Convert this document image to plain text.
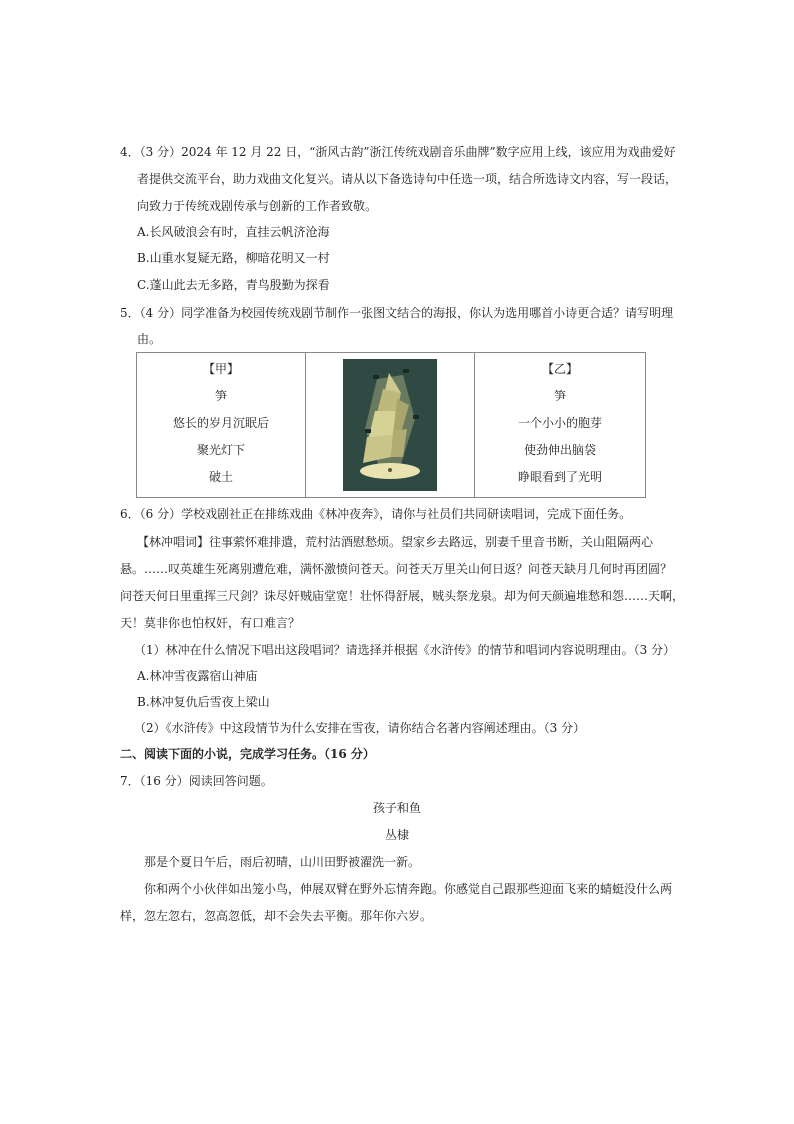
4．（3 分）2024 年 12 月 22 日，“浙风古韵”浙江传统戏剧音乐曲牌”数字应用上线，该应用为戏曲爱好
者提供交流平台，助力戏曲文化复兴。请从以下备选诗句中任选一项，结合所选诗文内容，写一段话，
向致力于传统戏剧传承与创新的工作者致敬。
A.长风破浪会有时，直挂云帆济沧海
B.山重水复疑无路，柳暗花明又一村
C.蓬山此去无多路，青鸟殷勤为探看
5．（4 分）同学准备为校园传统戏剧节制作一张图文结合的海报，你认为选用哪首小诗更合适？请写明理
由。
【甲】
笋
悠长的岁月沉眠后
聚光灯下
破土

【乙】
笋
一个小小的胞芽
使劲伸出脑袋
睁眼看到了光明
6．（6 分）学校戏剧社正在排练戏曲《林冲夜奔》，请你与社员们共同研读唱词，完成下面任务。
【林冲唱词】往事萦怀难排遣，荒村沽酒慰愁烦。望家乡去路远，别妻千里音书断，关山阻隔两心
悬。……叹英雄生死离别遭危难，满怀激愤问苍天。问苍天万里关山何日返？问苍天缺月几何时再团圆？
问苍天何日里重挥三尺剑？诛尽奸贼庙堂宽！壮怀得舒展，贼头祭龙泉。却为何天颜遍堆愁和怨……天啊，
天！莫非你也怕权奸，有口难言？
（1）林冲在什么情况下唱出这段唱词？请选择并根据《水浒传》的情节和唱词内容说明理由。（3 分）
A.林冲雪夜露宿山神庙
B.林冲复仇后雪夜上梁山
（2）《水浒传》中这段情节为什么安排在雪夜，请你结合名著内容阐述理由。（3 分）
二、阅读下面的小说，完成学习任务。（16 分）
7．（16 分）阅读回答问题。
孩子和鱼
丛棣
那是个夏日午后，雨后初晴，山川田野被濯洗一新。
你和两个小伙伴如出笼小鸟，伸展双臂在野外忘情奔跑。你感觉自己跟那些迎面飞来的蜻蜓没什么两
样，忽左忽右，忽高忽低，却不会失去平衡。那年你六岁。
